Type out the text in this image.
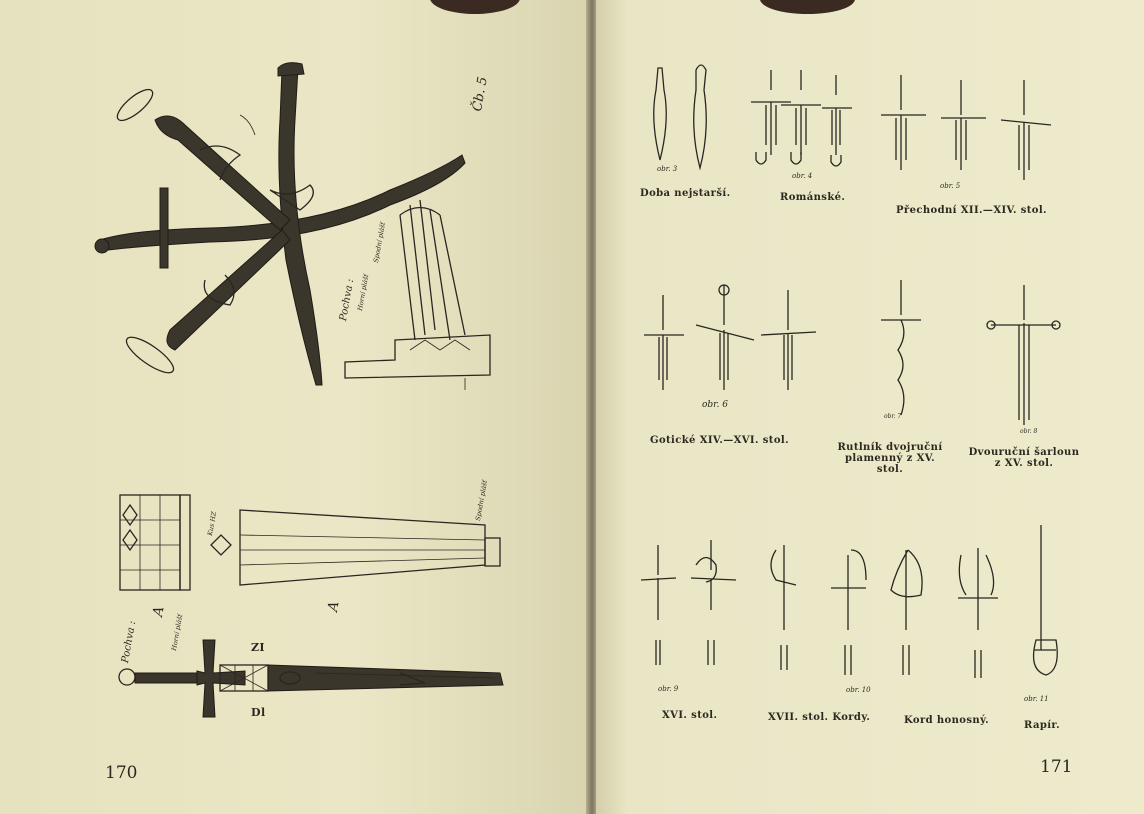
Pochva : Horní plášť
Spodní plášť
Čb. 5
Kus HZ
Spodní plášť
Horní plášť
Pochva :
A	A
ZI
Dl
170
obr. 3
obr. 4
obr. 5
Doba nejstarší.	Románské.
Přechodní XII.—XIV. stol.
obr. 6
obr. 7
obr. 8
Gotické XIV.—XVI. stol.
Rutlník dvojruční plamenný z XV. stol.
Dvouruční šarloun z XV. stol.
obr. 9	obr. 10
obr. 11
XVI. stol.	XVII. stol. Kordy.	Kord honosný.	Rapír.
171
